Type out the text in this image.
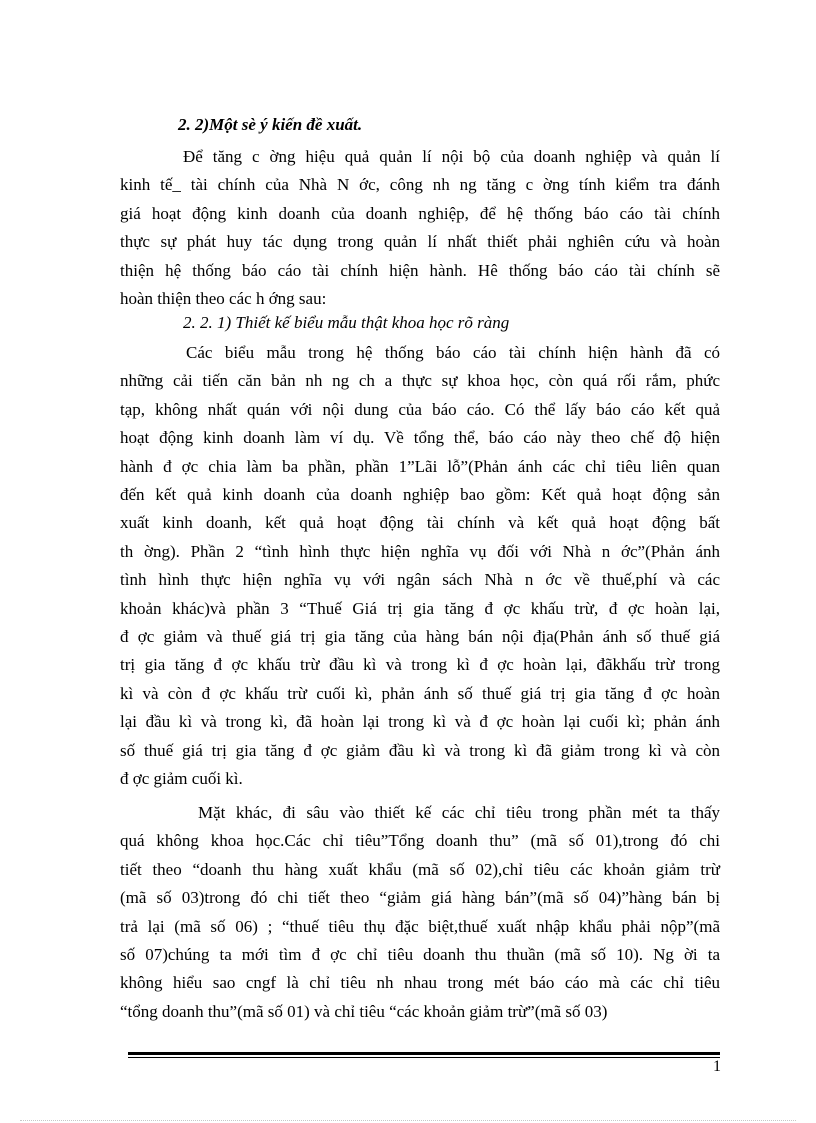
2. 2)Một sè ý kiến đề xuất.
Để tăng c ờng hiệu quả quản lí nội bộ của doanh nghiệp và quản lí
kinh tế_ tài chính của Nhà N ớc, công nh ng tăng c ờng tính kiểm tra đánh
giá hoạt động kinh doanh của doanh nghiệp, để hệ thống báo cáo tài chính
thực sự phát huy tác dụng trong quản lí nhất thiết phải nghiên cứu và hoàn
thiện hệ thống báo cáo tài chính hiện hành. Hê thống báo cáo tài chính sẽ
hoàn thiện theo các h ớng sau:
2. 2. 1) Thiết kế biểu mẫu thật khoa học rõ ràng
Các biểu mẫu trong hệ thống báo cáo tài chính hiện hành đã có
những cải tiến căn bản nh ng ch a thực sự khoa học, còn quá rối rắm, phức
tạp, không nhất quán với nội dung của báo cáo. Có thể lấy báo cáo kết quả
hoạt động kinh doanh làm ví dụ. Về tổng thể, báo cáo này theo chế độ hiện
hành đ ợc chia làm ba phần, phần 1”Lãi lỗ”(Phản ánh các chỉ tiêu liên quan
đến kết quả kinh doanh của doanh nghiệp bao gồm: Kết quả hoạt động sản
xuất kinh doanh, kết quả hoạt động tài chính và kết quả hoạt động bất
th ờng). Phần 2 “tình hình thực hiện nghĩa vụ đối với Nhà n ớc”(Phản ánh
tình hình thực hiện nghĩa vụ với ngân sách Nhà n ớc về thuế,phí và các
khoản khác)và phần 3 “Thuế Giá trị gia tăng đ ợc khấu trừ, đ ợc hoàn lại,
đ ợc giảm và thuế giá trị gia tăng của hàng bán nội địa(Phản ánh số thuế giá
trị gia tăng đ ợc khấu trừ đầu kì và trong kì đ ợc hoàn lại, đãkhấu trừ trong
kì và còn đ ợc khấu trừ cuối kì, phản ánh số thuế giá trị gia tăng đ ợc hoàn
lại đầu kì và trong kì, đã hoàn lại trong kì và đ ợc hoàn lại cuối kì; phản ánh
số thuế giá trị gia tăng đ ợc giảm đầu kì và trong kì đã giảm trong kì và còn
đ ợc giảm cuối kì.
Mặt khác, đi sâu vào thiết kế các chỉ tiêu trong phần mét ta thấy
quá không khoa học.Các chỉ tiêu”Tổng doanh thu” (mã số 01),trong đó chi
tiết theo “doanh thu hàng xuất khẩu (mã số 02),chỉ tiêu các khoản giảm trừ
(mã số 03)trong đó chi tiết theo “giảm giá hàng bán”(mã số 04)”hàng bán bị
trả lại (mã số 06) ; “thuế tiêu thụ đặc biệt,thuế xuất nhập khẩu phải nộp”(mã
số 07)chúng ta mới tìm đ ợc chỉ tiêu doanh thu thuần (mã số 10). Ng ời ta
không hiểu sao cngf là chỉ tiêu nh nhau trong mét báo cáo mà các chỉ tiêu
“tổng doanh thu”(mã số 01) và chỉ tiêu “các khoản giảm trừ”(mã số 03)
1
